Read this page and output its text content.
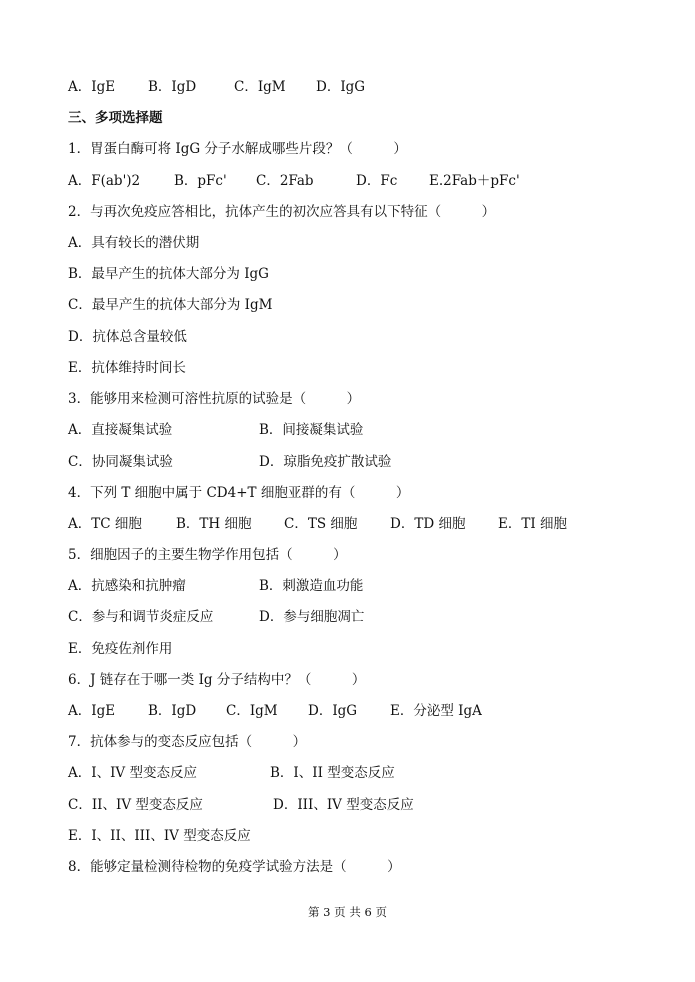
A．IgE B．IgD	C．IgM D．IgG
三、多项选择题
1．胃蛋白酶可将 IgG 分子水解成哪些片段？（　　　）
A．F(ab')2	B．pFc' C．2Fab	D．Fc E.2Fab＋pFc'
2．与再次免疫应答相比，抗体产生的初次应答具有以下特征（　　　）
A．具有较长的潜伏期
B．最早产生的抗体大部分为 IgG
C．最早产生的抗体大部分为 IgM
D．抗体总含量较低
E．抗体维持时间长
3．能够用来检测可溶性抗原的试验是（　　　）
A．直接凝集试验	B．间接凝集试验
C．协同凝集试验	D．琼脂免疫扩散试验
4．下列 T 细胞中属于 CD4+T 细胞亚群的有（　　　）
A．TC 细胞	B．TH 细胞 C．TS 细胞 D．TD 细胞 E．TI 细胞
5．细胞因子的主要生物学作用包括（　　　）
A．抗感染和抗肿瘤	B．刺激造血功能
C．参与和调节炎症反应	D．参与细胞凋亡
E．免疫佐剂作用
6．J 链存在于哪一类 Ig 分子结构中？（　　　）
A．IgE B．IgD C．IgM D．IgG E．分泌型 IgA
7．抗体参与的变态反应包括（　　　）
A．I、IV 型变态反应	B．I、II 型变态反应
C．II、IV 型变态反应	D．III、IV 型变态反应
E．I、II、III、IV 型变态反应
8．能够定量检测待检物的免疫学试验方法是（　　　）
第 3 页 共 6 页
